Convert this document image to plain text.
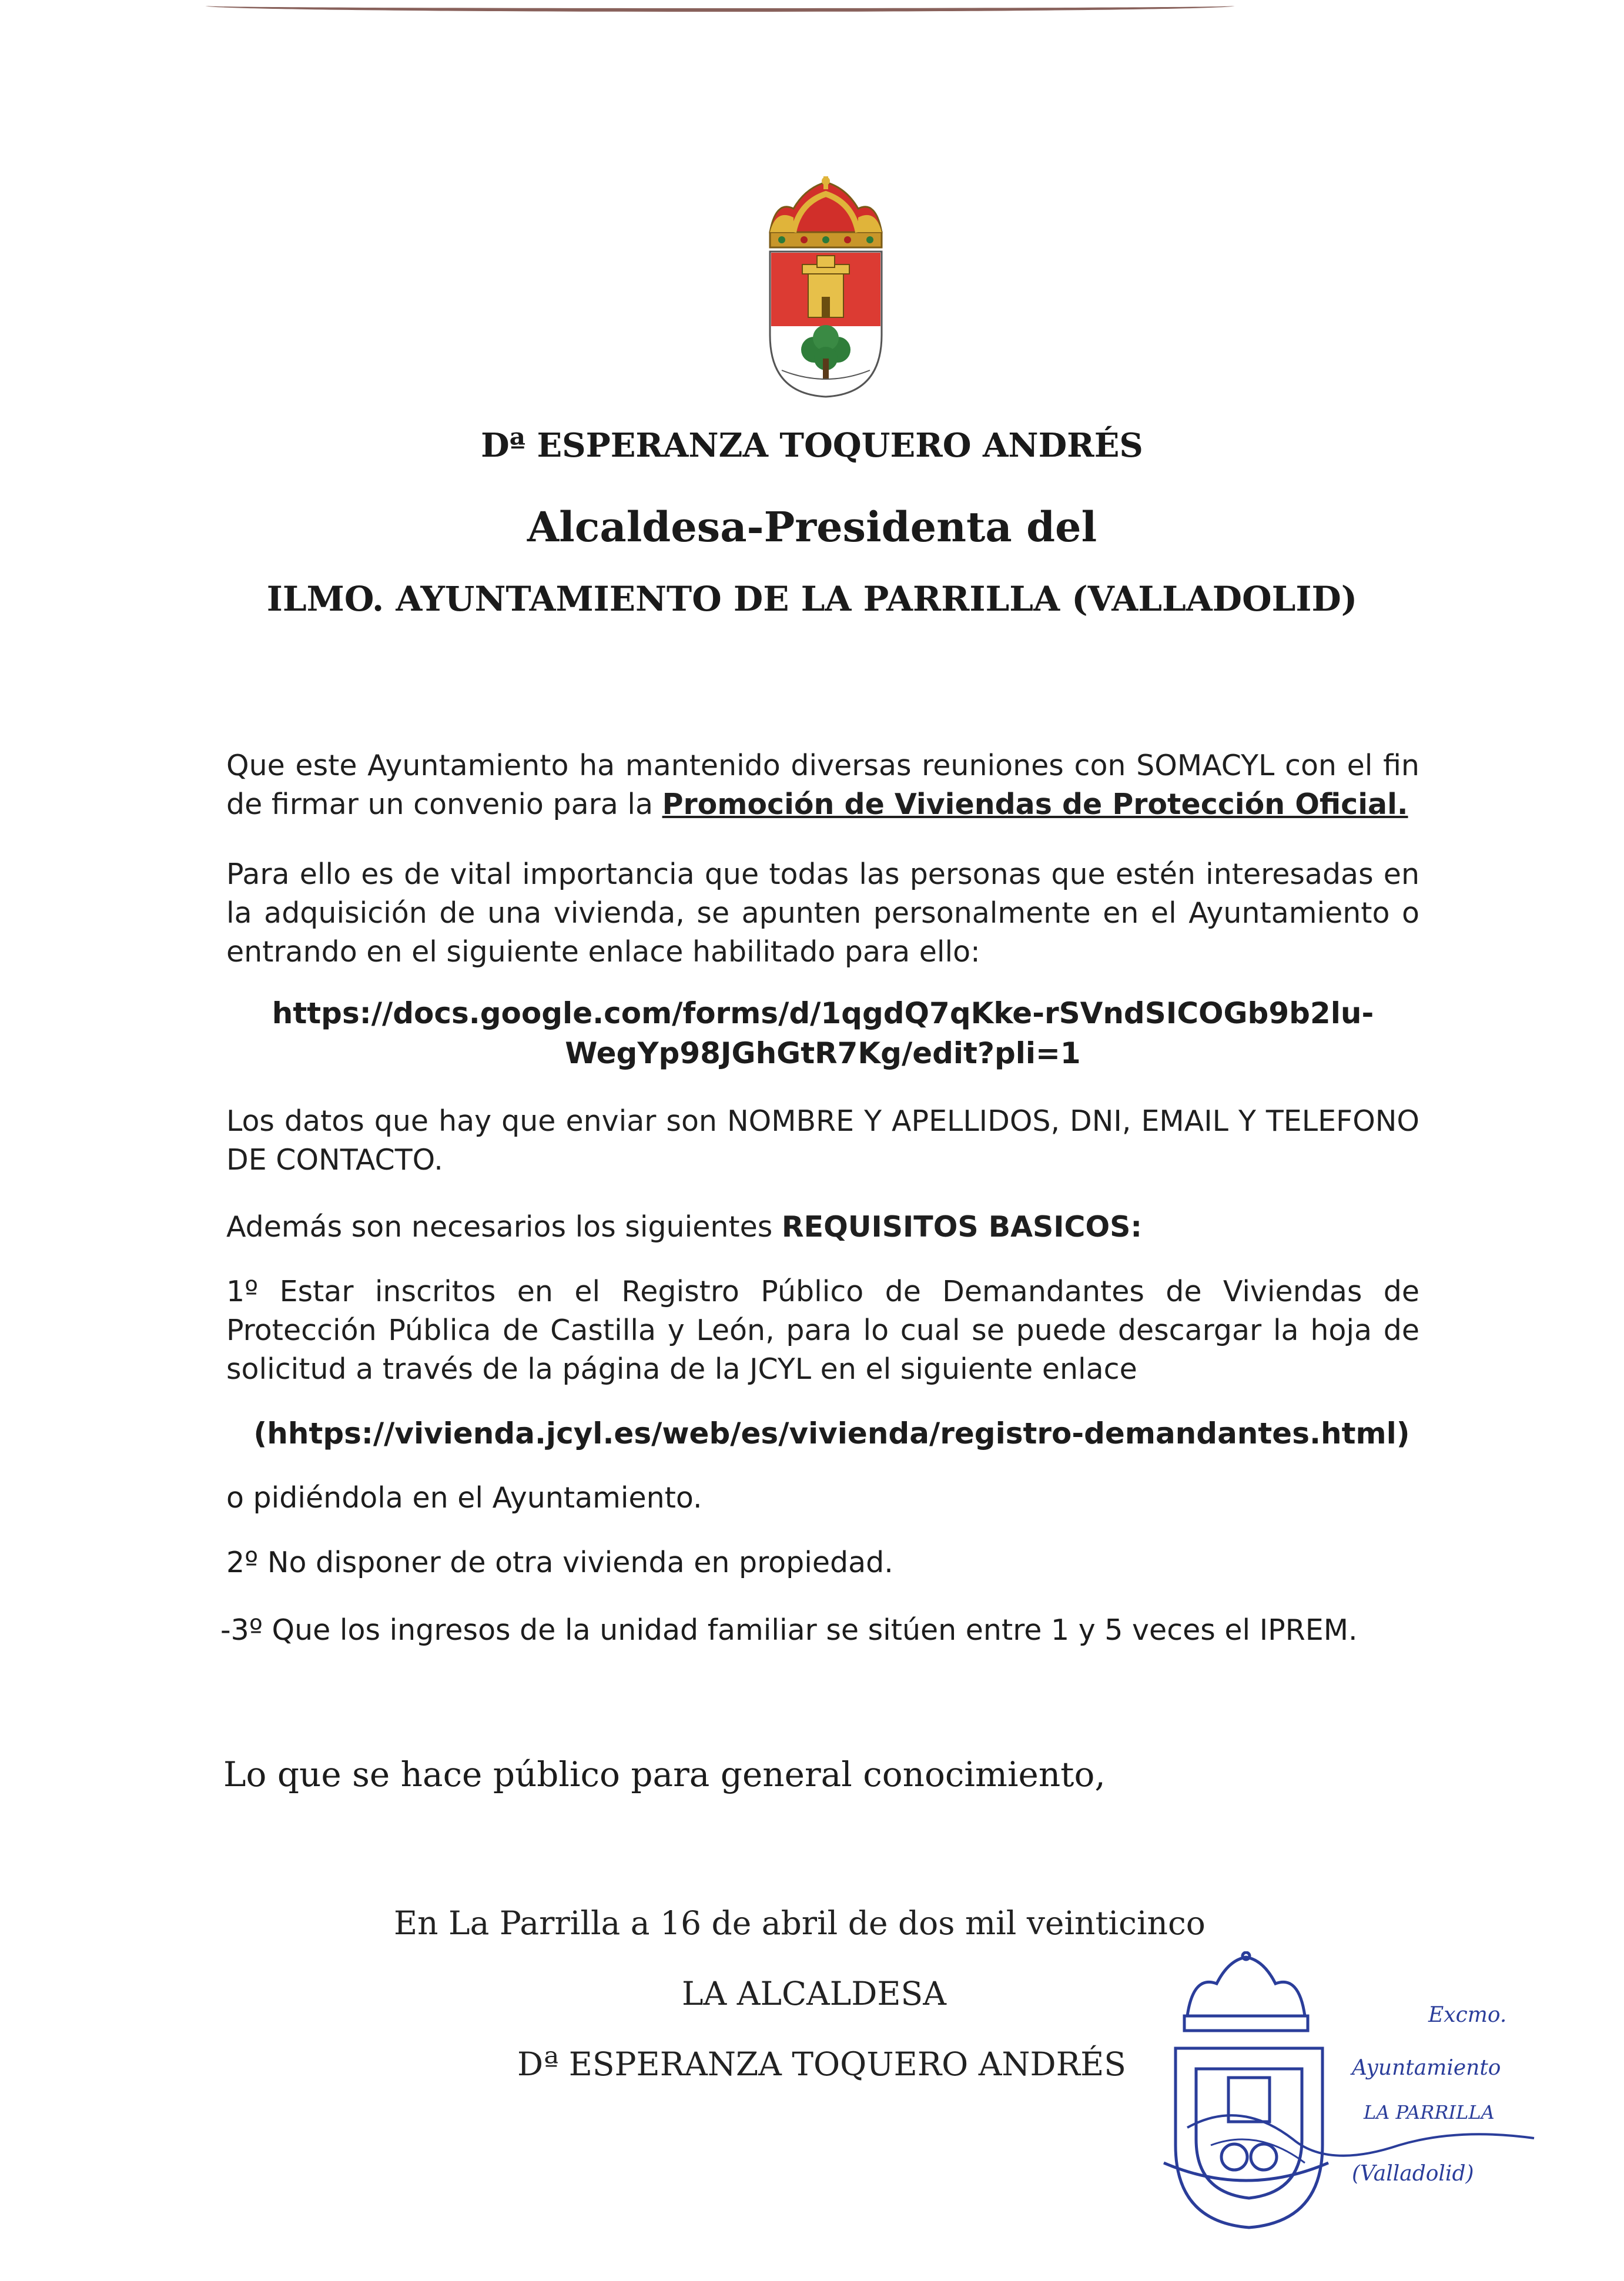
Dª ESPERANZA TOQUERO ANDRÉS
Alcaldesa-Presidenta del
ILMO. AYUNTAMIENTO DE LA PARRILLA (VALLADOLID)
Que este Ayuntamiento ha mantenido diversas reuniones con SOMACYL con el fin de firmar un convenio para la Promoción de Viviendas de Protección Oficial.
Para ello es de vital importancia que todas las personas que estén interesadas en la adquisición de una vivienda, se apunten personalmente en el Ayuntamiento o entrando en el siguiente enlace habilitado para ello:
https://docs.google.com/forms/d/1qgdQ7qKke-rSVndSICOGb9b2lu-
WegYp98JGhGtR7Kg/edit?pli=1
Los datos que hay que enviar son NOMBRE Y APELLIDOS, DNI, EMAIL Y TELEFONO DE CONTACTO.
Además son necesarios los siguientes REQUISITOS BASICOS:
1º Estar inscritos en el Registro Público de Demandantes de Viviendas de Protección Pública de Castilla y León, para lo cual se puede descargar la hoja de solicitud a través de la página de la JCYL en el siguiente enlace
(hhtps://vivienda.jcyl.es/web/es/vivienda/registro-demandantes.html)
o pidiéndola en el Ayuntamiento.
2º No disponer de otra vivienda en propiedad.
-3º Que los ingresos de la unidad familiar se sitúen entre 1 y 5 veces el IPREM.
Lo que se hace público para general conocimiento,
En La Parrilla a 16 de abril de dos mil veinticinco
LA ALCALDESA
Dª ESPERANZA TOQUERO ANDRÉS
Excmo.
Ayuntamiento
LA PARRILLA
(Valladolid)
